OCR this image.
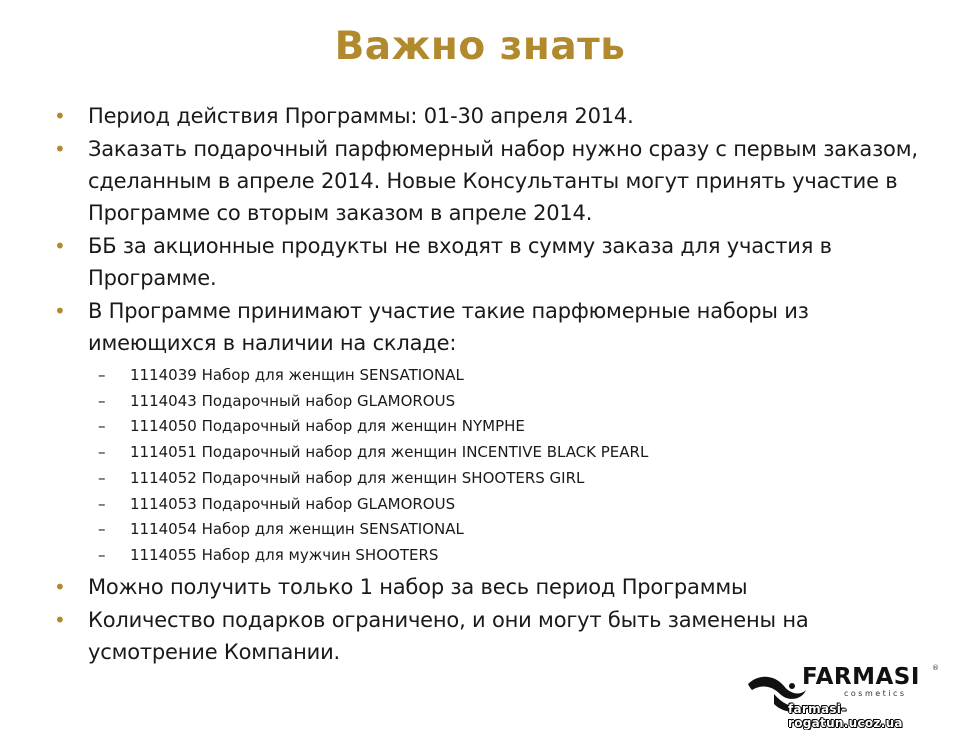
Важно знать
• Период действия Программы: 01-30 апреля 2014.
• Заказать подарочный парфюмерный набор нужно сразу с первым заказом, сделанным в апреле 2014. Новые Консультанты могут принять участие в Программе со вторым заказом в апреле 2014.
• ББ за акционные продукты не входят в сумму заказа для участия в Программе.
• В Программе принимают участие такие парфюмерные наборы из имеющихся в наличии на складе:
– 1114039 Набор для женщин SENSATIONAL
– 1114043 Подарочный набор GLAMOROUS
– 1114050 Подарочный набор для женщин NYMPHE
– 1114051 Подарочный набор для женщин INCENTIVE BLACK PEARL
– 1114052 Подарочный набор для женщин SHOOTERS GIRL
– 1114053 Подарочный набор GLAMOROUS
– 1114054 Набор для женщин SENSATIONAL
– 1114055 Набор для мужчин SHOOTERS
• Можно получить только 1 набор за весь период Программы
• Количество подарков ограничено, и они могут быть заменены на усмотрение Компании.
FARMASI ®
cosmetics
farmasi-rogatun.ucoz.ua
